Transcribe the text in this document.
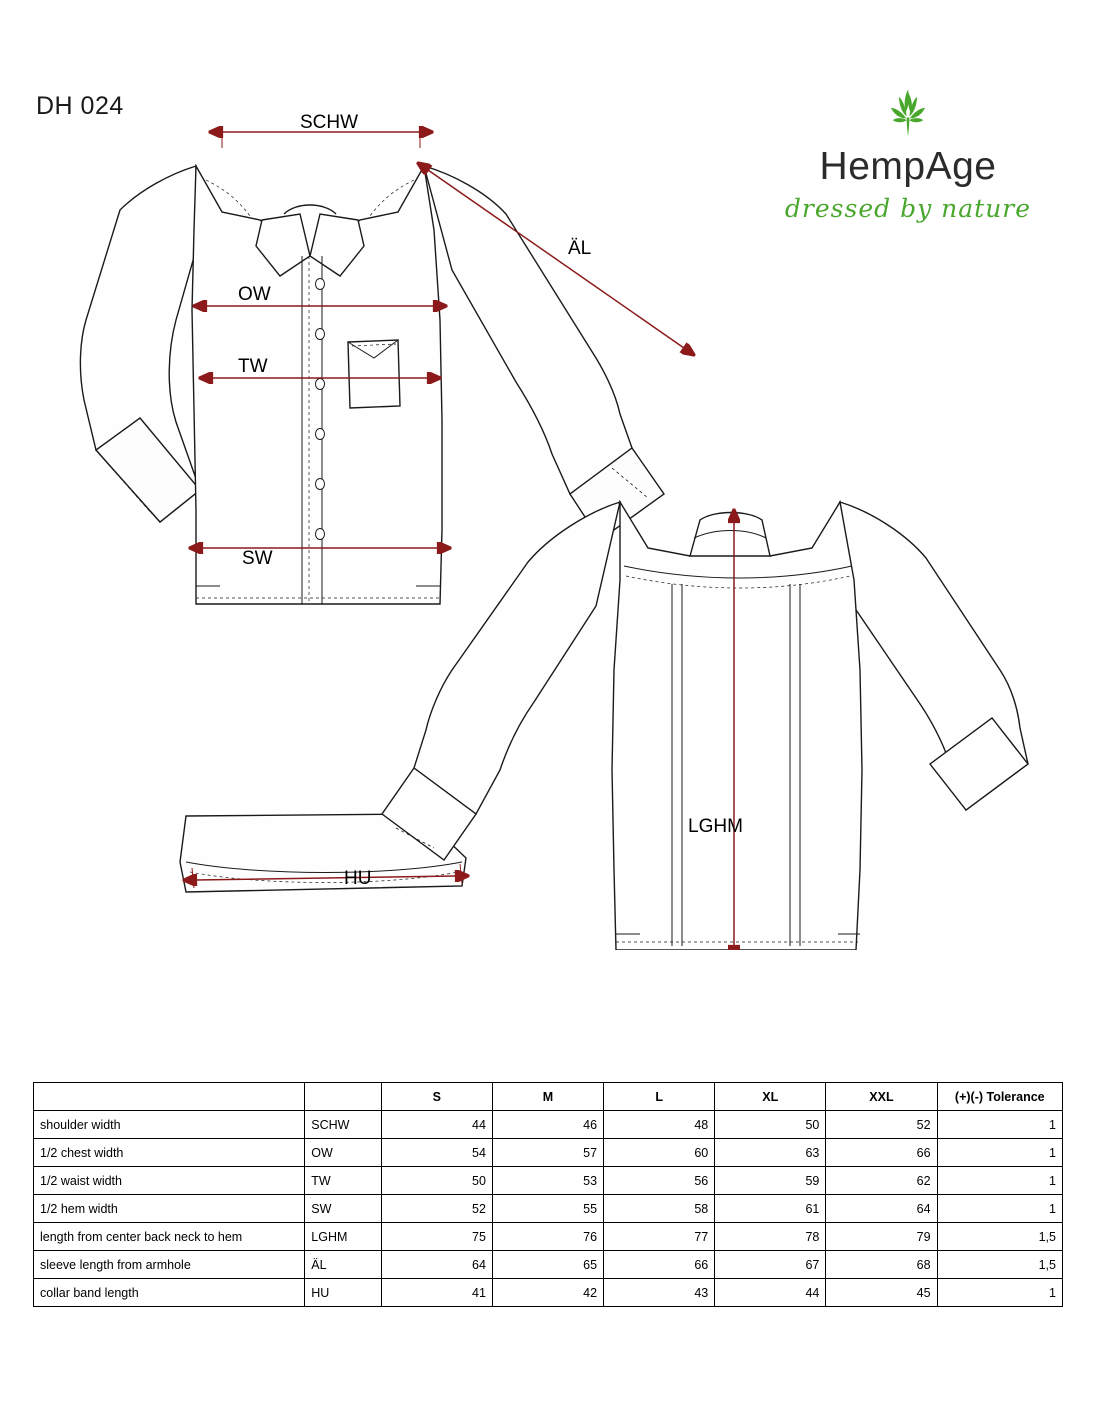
DH 024
HempAge
dressed by nature
SCHW
OW
TW
SW
ÄL
HU
LGHM
		S	M	L	XL	XXL	(+)(-) Tolerance
shoulder width	SCHW	44	46	48	50	52	1
1/2 chest width	OW	54	57	60	63	66	1
1/2 waist width	TW	50	53	56	59	62	1
1/2 hem width	SW	52	55	58	61	64	1
length from center back neck to hem	LGHM	75	76	77	78	79	1,5
sleeve length from armhole	ÄL	64	65	66	67	68	1,5
collar band length	HU	41	42	43	44	45	1
